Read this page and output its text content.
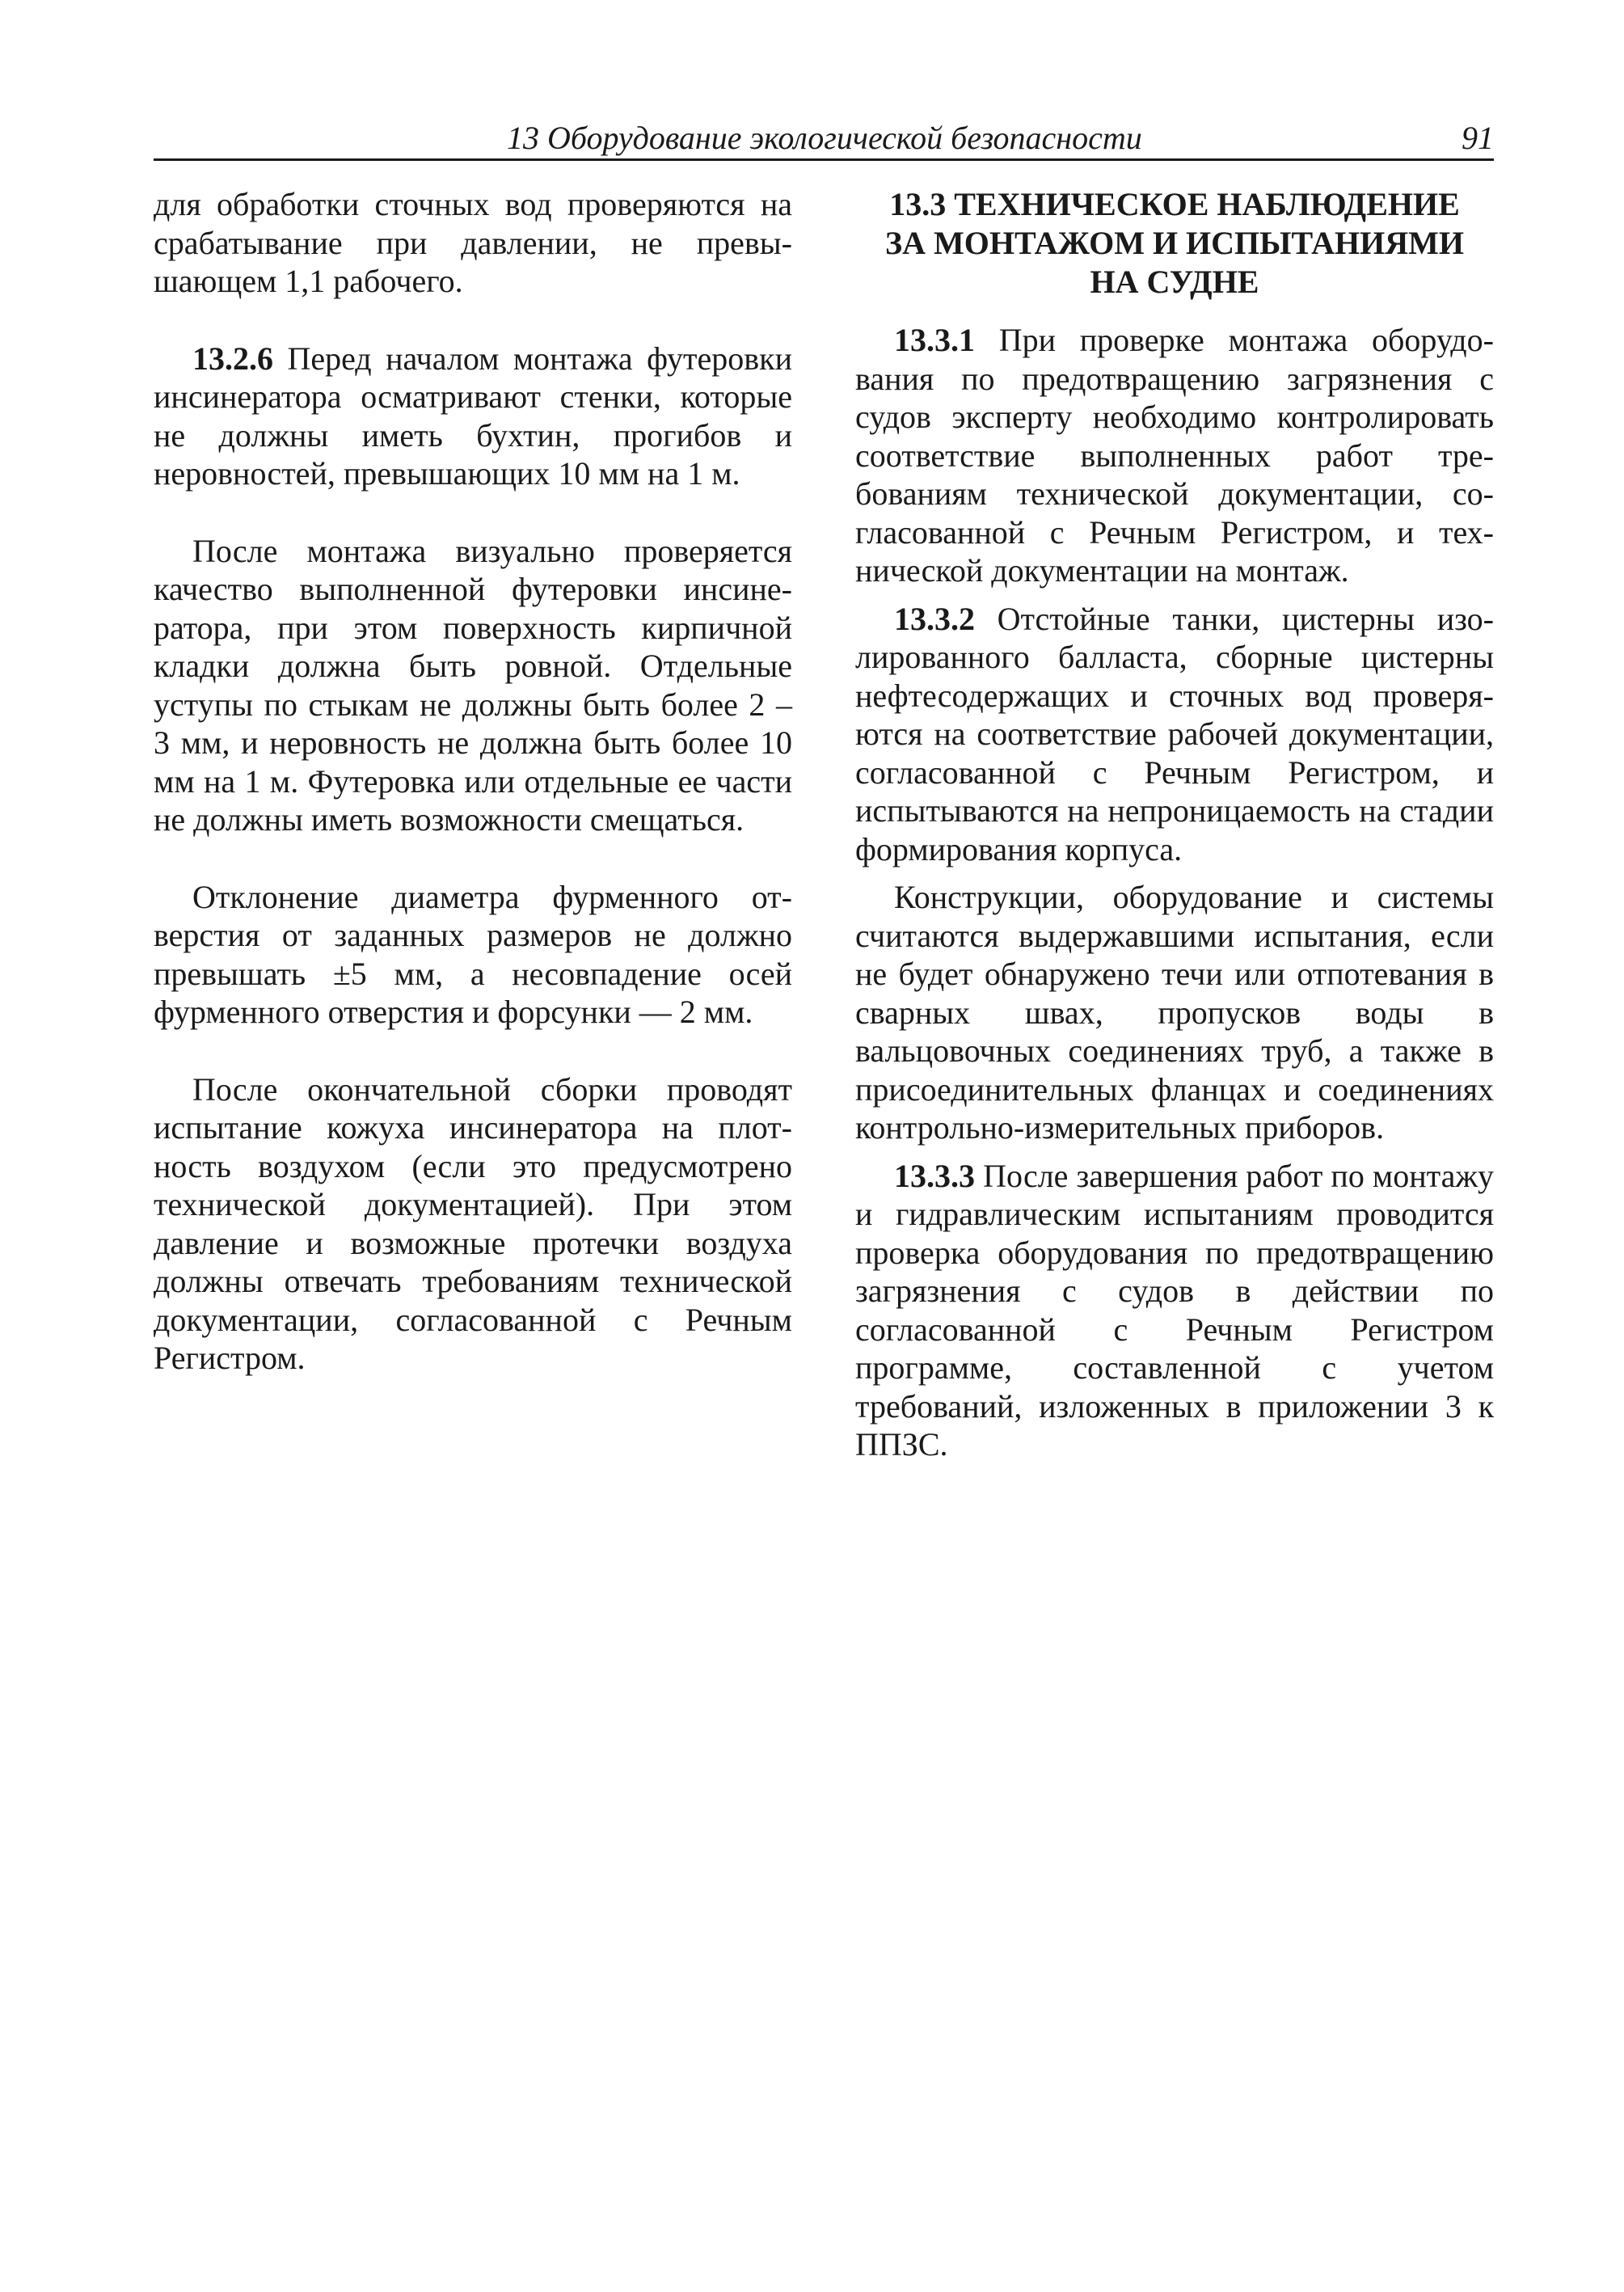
13 Оборудование экологической безопасности	91

для обработки сточных вод проверяются на срабатывание при давлении, не превышающем 1,1 рабочего.

13.2.6 Перед началом монтажа футеровки инсинератора осматривают стенки, которые не должны иметь бухтин, прогибов и неровностей, превышающих 10 мм на 1 м.

После монтажа визуально проверяется качество выполненной футеровки инсинератора, при этом поверхность кирпичной кладки должна быть ровной. Отдельные уступы по стыкам не должны быть более 2 – 3 мм, и неровность не должна быть более 10 мм на 1 м. Футеровка или отдельные ее части не должны иметь возможности смещаться.

Отклонение диаметра фурменного отверстия от заданных размеров не должно превышать ±5 мм, а несовпадение осей фурменного отверстия и форсунки — 2 мм.

После окончательной сборки проводят испытание кожуха инсинератора на плотность воздухом (если это предусмотрено технической документацией). При этом давление и возможные протечки воздуха должны отвечать требованиям технической документации, согласованной с Речным Регистром.

13.3 ТЕХНИЧЕСКОЕ НАБЛЮДЕНИЕ
ЗА МОНТАЖОМ И ИСПЫТАНИЯМИ
НА СУДНЕ

13.3.1 При проверке монтажа оборудования по предотвращению загрязнения с судов эксперту необходимо контролировать соответствие выполненных работ требованиям технической документации, согласованной с Речным Регистром, и технической документации на монтаж.

13.3.2 Отстойные танки, цистерны изолированного балласта, сборные цистерны нефтесодержащих и сточных вод проверяются на соответствие рабочей документации, согласованной с Речным Регистром, и испытываются на непроницаемость на стадии формирования корпуса.

Конструкции, оборудование и системы считаются выдержавшими испытания, если не будет обнаружено течи или отпотевания в сварных швах, пропусков воды в вальцовочных соединениях труб, а также в присоединительных фланцах и соединениях контрольно-измерительных приборов.

13.3.3 После завершения работ по монтажу и гидравлическим испытаниям проводится проверка оборудования по предотвращению загрязнения с судов в действии по согласованной с Речным Регистром программе, составленной с учетом требований, изложенных в приложении 3 к ППЗС.
